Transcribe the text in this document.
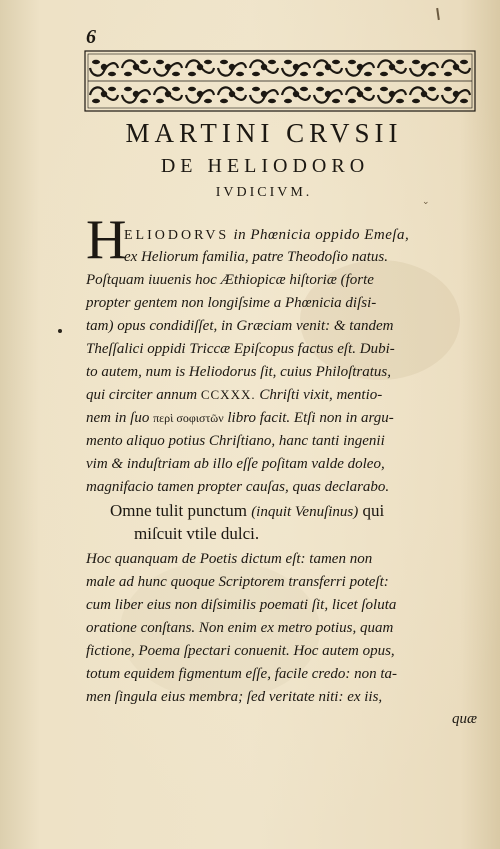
6
MARTINI CRVSII
DE HELIODORO
IVDICIVM.
⌄
H
ELIODORVS in Phœnicia oppido Emeſa,
ex Heliorum familia, patre Theodoſio natus.
Poſtquam iuuenis hoc Æthiopicæ hiſtoriæ (forte
propter gentem non longiſsime a Phœnicia diſsi-
tam) opus condidiſſet, in Græciam venit: & tandem
Theſſalici oppidi Triccæ Epiſcopus factus eſt. Dubi-
to autem, num is Heliodorus ſit, cuius Philoſtratus,
qui circiter annum CCXXX. Chriſti vixit, mentio-
nem in ſuo περὶ σοφιστῶν libro facit. Etſi non in argu-
mento aliquo potius Chriſtiano, hanc tanti ingenii
vim & induſtriam ab illo eſſe poſitam valde doleo,
magnifacio tamen propter cauſas, quas declarabo.
Omne tulit punctum (inquit Venuſinus) qui
miſcuit vtile dulci.
Hoc quanquam de Poetis dictum eſt: tamen non
male ad hunc quoque Scriptorem transferri poteſt:
cum liber eius non diſsimilis poemati ſit, licet ſoluta
oratione conſtans. Non enim ex metro potius, quam
fictione, Poema ſpectari conuenit. Hoc autem opus,
totum equidem figmentum eſſe, facile credo: non ta-
men ſingula eius membra; ſed veritate niti: ex iis,
quæ
